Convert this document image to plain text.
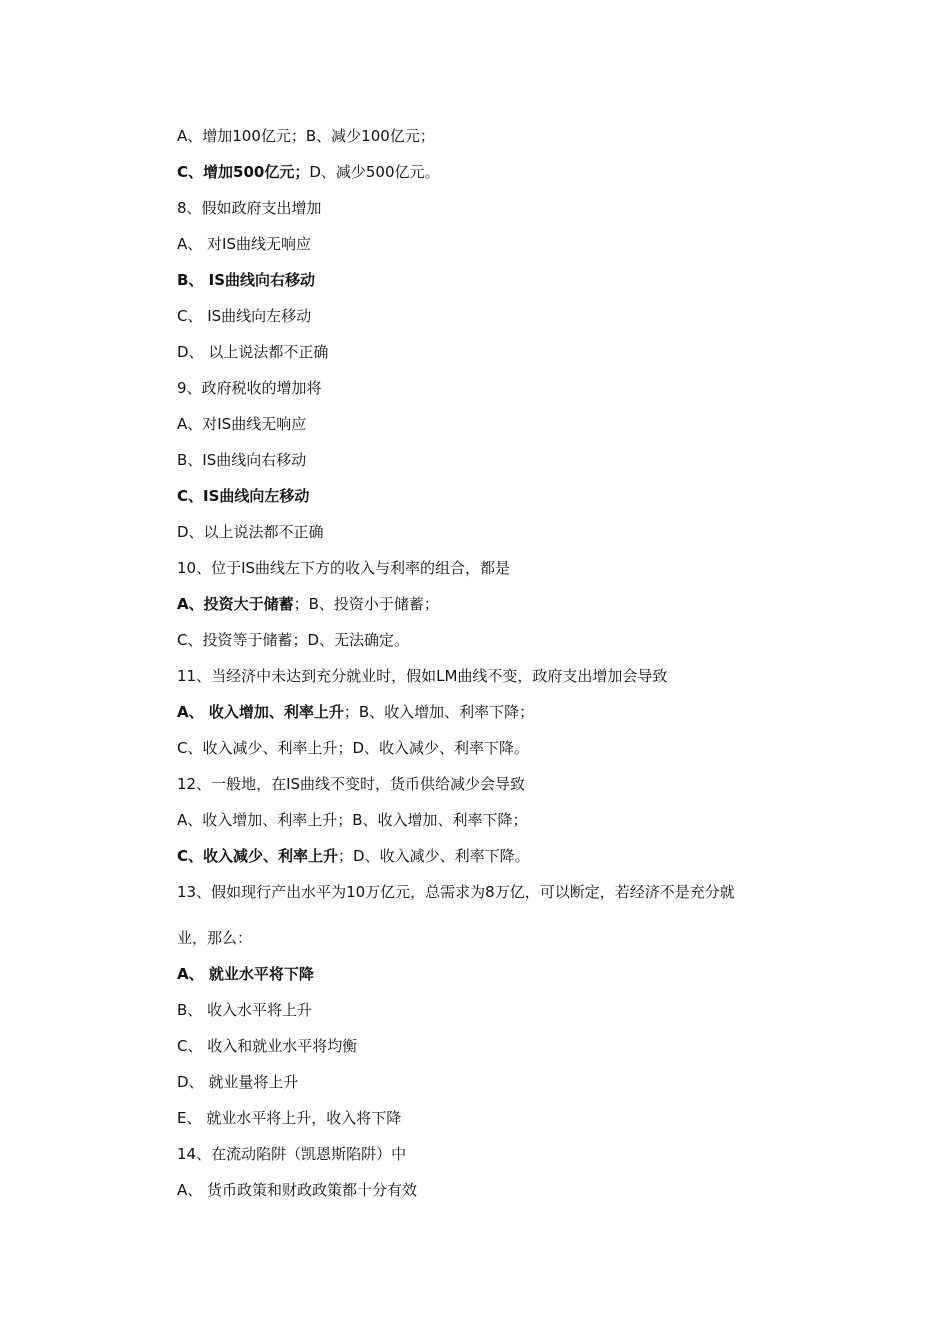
A、增加100亿元；B、减少100亿元；
C、增加500亿元；D、减少500亿元。
8、假如政府支出增加
A、 对IS曲线无响应
B、 IS曲线向右移动
C、 IS曲线向左移动
D、 以上说法都不正确
9、政府税收的增加将
A、对IS曲线无响应
B、IS曲线向右移动
C、IS曲线向左移动
D、以上说法都不正确
10、位于IS曲线左下方的收入与利率的组合，都是
A、投资大于储蓄；B、投资小于储蓄；
C、投资等于储蓄；D、无法确定。
11、当经济中未达到充分就业时，假如LM曲线不变，政府支出增加会导致
A、 收入增加、利率上升；B、收入增加、利率下降；
C、收入减少、利率上升；D、收入减少、利率下降。
12、一般地，在IS曲线不变时，货币供给减少会导致
A、收入增加、利率上升；B、收入增加、利率下降；
C、收入减少、利率上升；D、收入减少、利率下降。
13、假如现行产出水平为10万亿元，总需求为8万亿，可以断定，若经济不是充分就
业，那么：
A、 就业水平将下降
B、 收入水平将上升
C、 收入和就业水平将均衡
D、 就业量将上升
E、 就业水平将上升，收入将下降
14、在流动陷阱（凯恩斯陷阱）中
A、 货币政策和财政政策都十分有效
